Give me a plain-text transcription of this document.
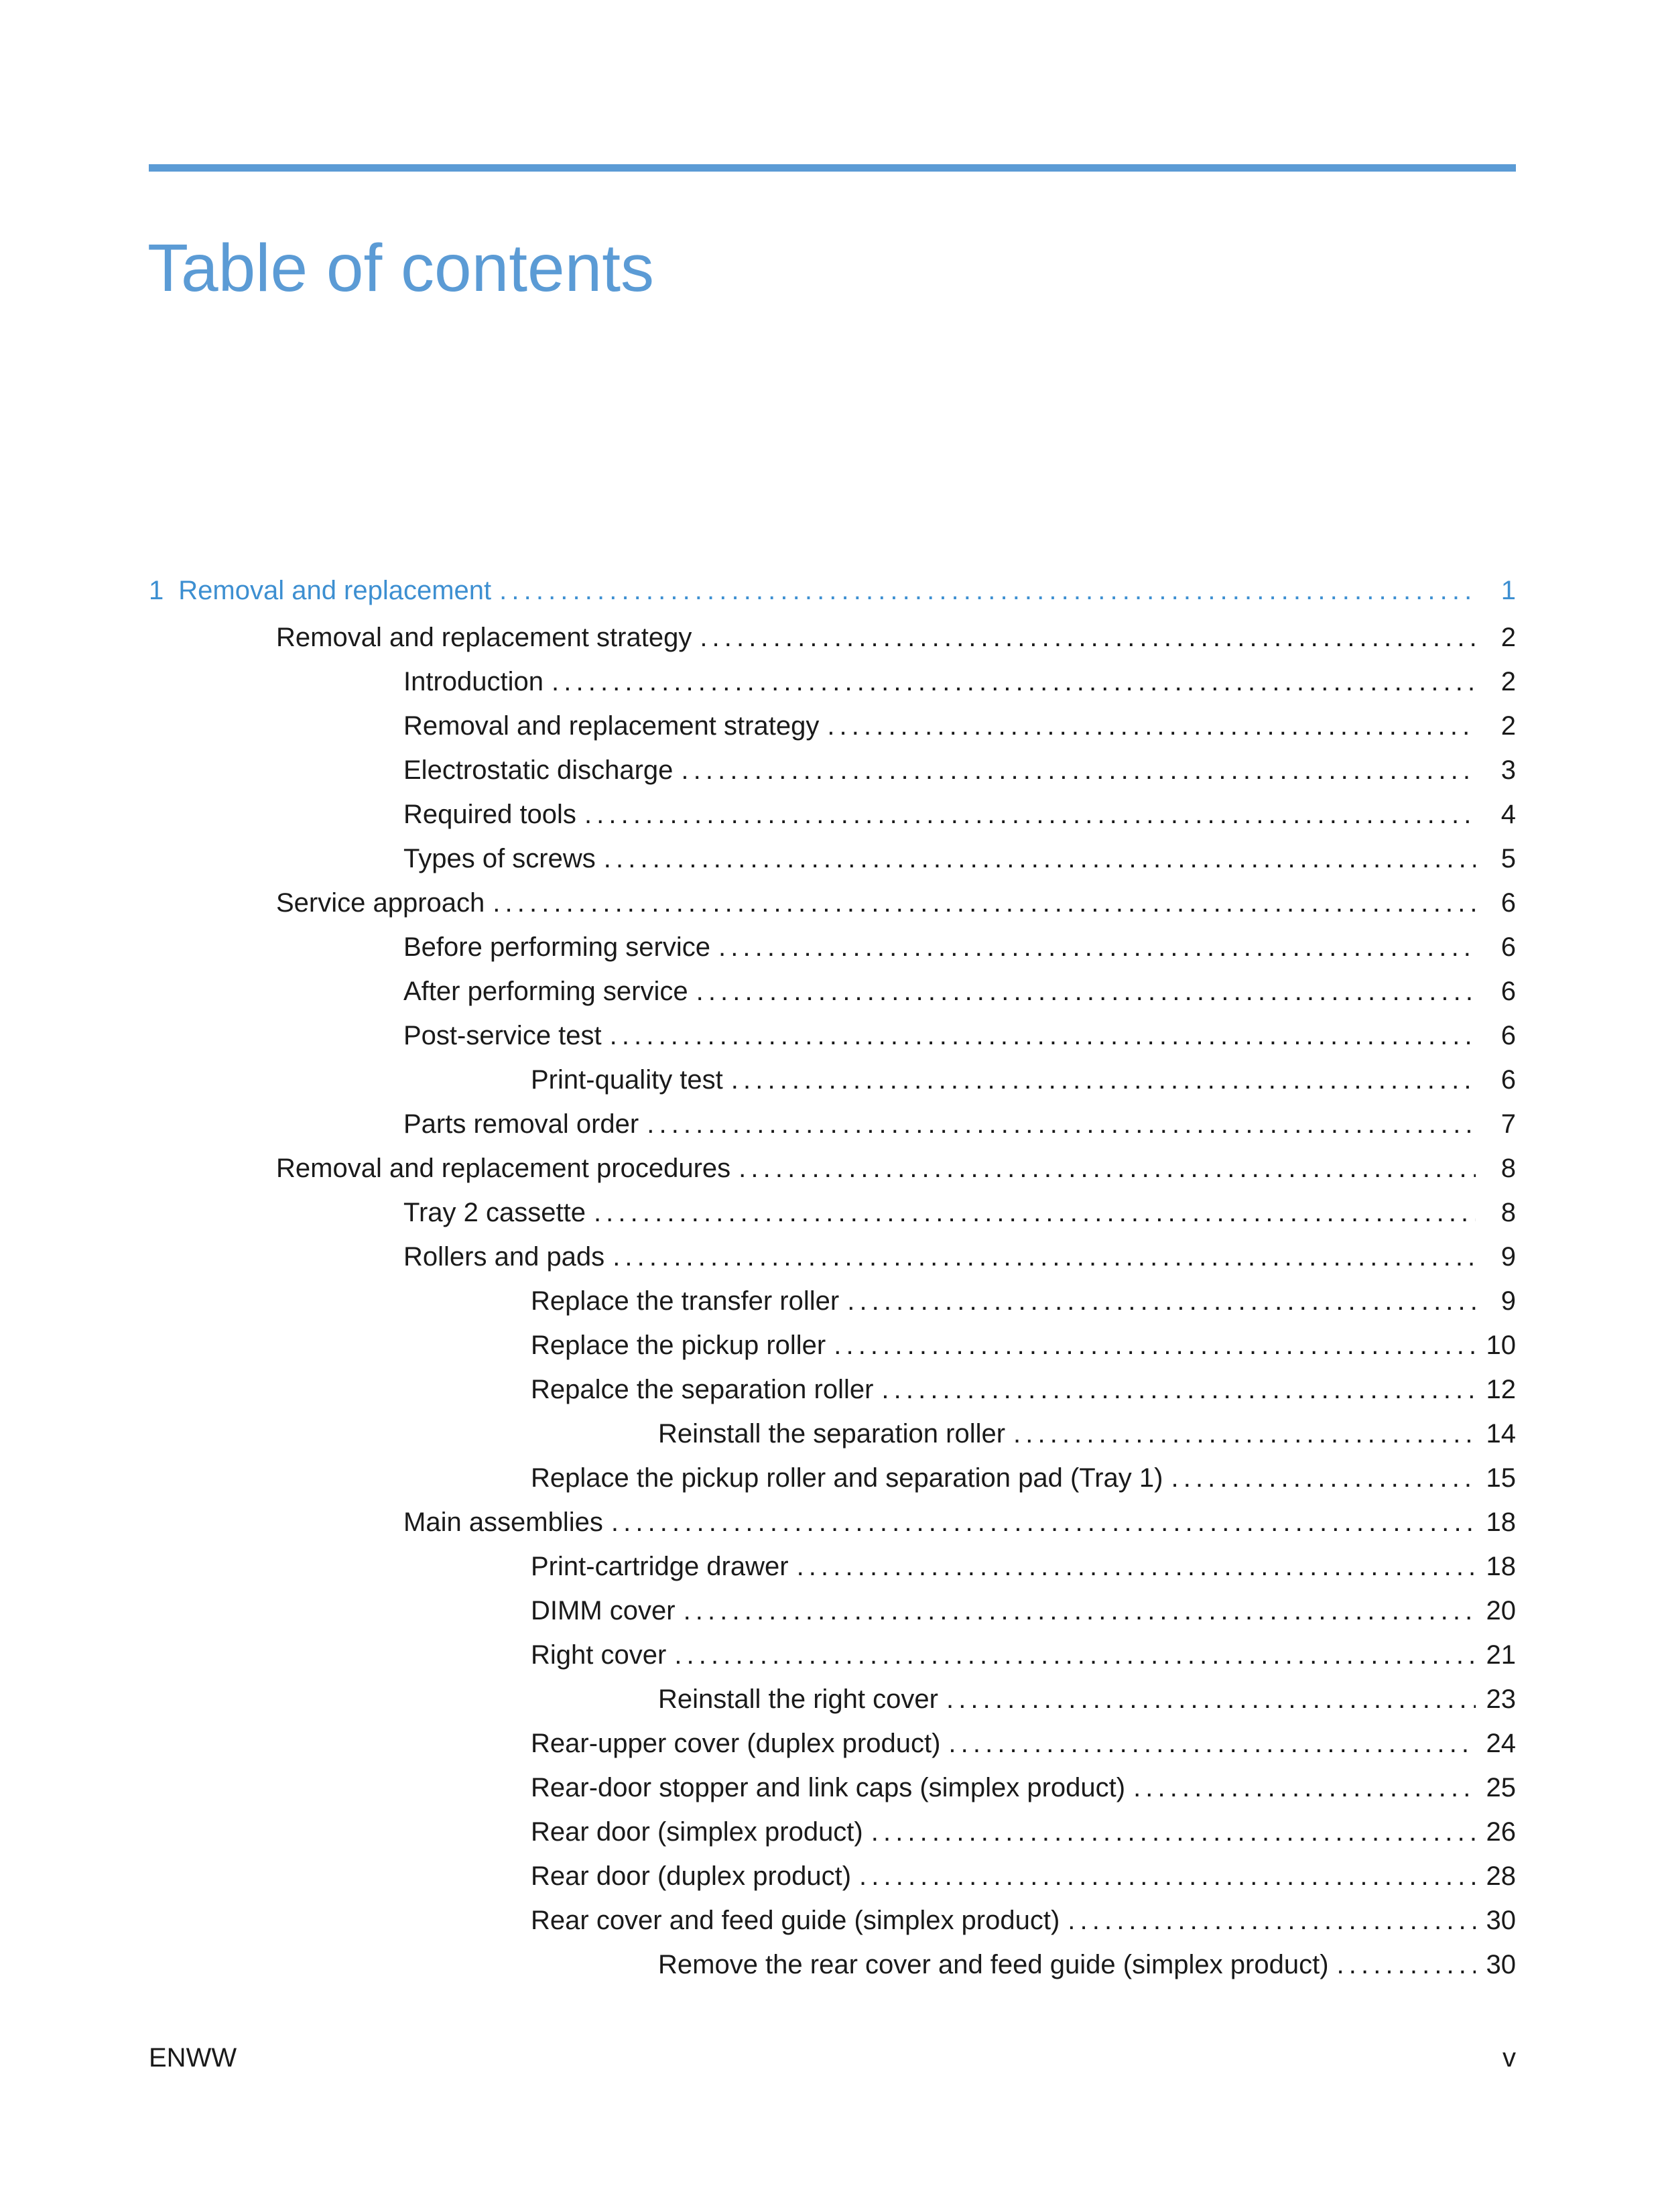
Table of contents
1 Removal and replacement . . .	1
Removal and replacement strategy . . .	2
Introduction . . .	2
Removal and replacement strategy . . .	2
Electrostatic discharge . . .	3
Required tools . . .	4
Types of screws . . .	5
Service approach . . .	6
Before performing service . . .	6
After performing service . . .	6
Post-service test . . .	6
Print-quality test . . .	6
Parts removal order . . .	7
Removal and replacement procedures . . .	8
Tray 2 cassette . . .	8
Rollers and pads . . .	9
Replace the transfer roller . . .	9
Replace the pickup roller . . .	10
Repalce the separation roller . . .	12
Reinstall the separation roller . . .	14
Replace the pickup roller and separation pad (Tray 1) . . .	15
Main assemblies . . .	18
Print-cartridge drawer . . .	18
DIMM cover . . .	20
Right cover . . .	21
Reinstall the right cover . . .	23
Rear-upper cover (duplex product) . . .	24
Rear-door stopper and link caps (simplex product) . . .	25
Rear door (simplex product) . . .	26
Rear door (duplex product) . . .	28
Rear cover and feed guide (simplex product) . . .	30
Remove the rear cover and feed guide (simplex product) . . .	30
ENWW	v
